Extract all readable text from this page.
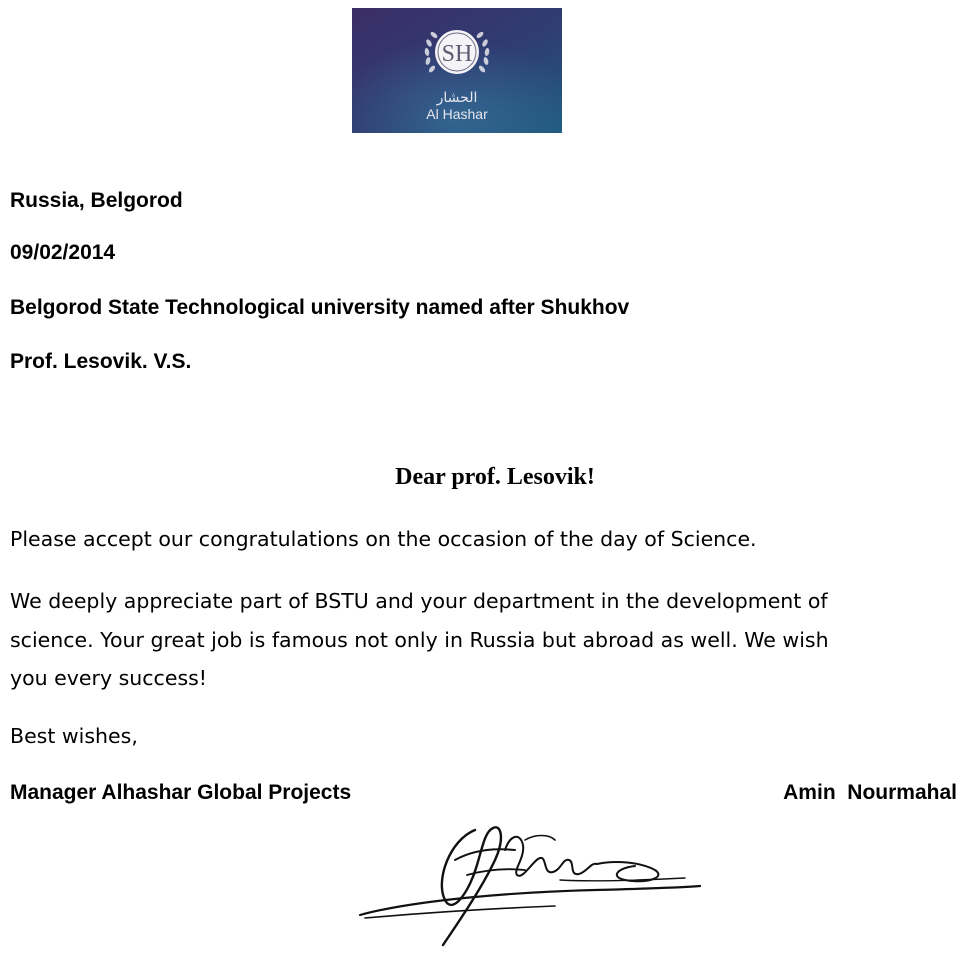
SH
الحشار
Al Hashar
Russia, Belgorod
09/02/2014
Belgorod State Technological university named after Shukhov
Prof. Lesovik. V.S.
Dear prof. Lesovik!
Please accept our congratulations on the occasion of the day of Science.
We deeply appreciate part of BSTU and your department in the development of
science. Your great job is famous not only in Russia but abroad as well. We wish
you every success!
Best wishes,
Manager Alhashar Global Projects	Amin  Nourmahal
